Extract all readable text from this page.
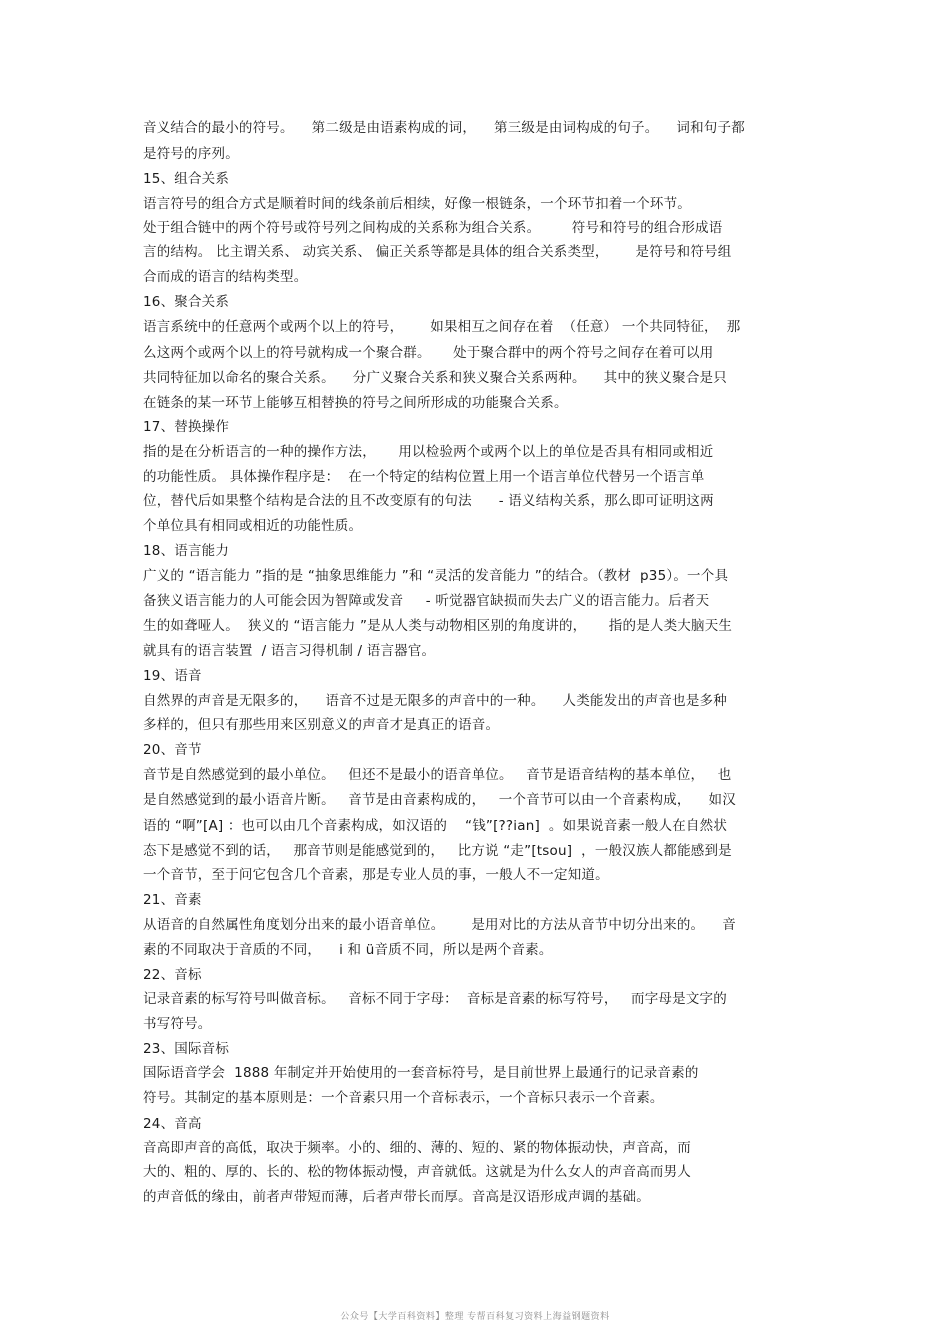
音义结合的最小的符号。    第二级是由语素构成的词，    第三级是由词构成的句子。    词和句子都
是符号的序列。
15、组合关系
语言符号的组合方式是顺着时间的线条前后相续，好像一根链条，一个环节扣着一个环节。
处于组合链中的两个符号或符号列之间构成的关系称为组合关系。       符号和符号的组合形成语
言的结构。 比主谓关系、 动宾关系、 偏正关系等都是具体的组合关系类型，      是符号和符号组
合而成的语言的结构类型。
16、聚合关系
语言系统中的任意两个或两个以上的符号，      如果相互之间存在着  （任意） 一个共同特征，  那
么这两个或两个以上的符号就构成一个聚合群。     处于聚合群中的两个符号之间存在着可以用
共同特征加以命名的聚合关系。    分广义聚合关系和狭义聚合关系两种。    其中的狭义聚合是只
在链条的某一环节上能够互相替换的符号之间所形成的功能聚合关系。
17、替换操作
指的是在分析语言的一种的操作方法，     用以检验两个或两个以上的单位是否具有相同或相近
的功能性质。 具体操作程序是：  在一个特定的结构位置上用一个语言单位代替另一个语言单
位，替代后如果整个结构是合法的且不改变原有的句法      - 语义结构关系，那么即可证明这两
个单位具有相同或相近的功能性质。
18、语言能力
广义的 “语言能力 ”指的是 “抽象思维能力 ”和 “灵活的发音能力 ”的结合。（教材  p35）。一个具
备狭义语言能力的人可能会因为智障或发音     - 听觉器官缺损而失去广义的语言能力。后者天
生的如聋哑人。  狭义的 “语言能力 ”是从人类与动物相区别的角度讲的，     指的是人类大脑天生
就具有的语言装置  / 语言习得机制 / 语言器官。
19、语音
自然界的声音是无限多的，    语音不过是无限多的声音中的一种。    人类能发出的声音也是多种
多样的，但只有那些用来区别意义的声音才是真正的语音。
20、音节
音节是自然感觉到的最小单位。   但还不是最小的语音单位。   音节是语音结构的基本单位，   也
是自然感觉到的最小语音片断。   音节是由音素构成的，   一个音节可以由一个音素构成，    如汉
语的 “啊”[A] ：也可以由几个音素构成，如汉语的    “钱”[??ian]  。如果说音素一般人在自然状
态下是感觉不到的话，   那音节则是能感觉到的，   比方说 “走”[tsou]  ，一般汉族人都能感到是
一个音节，至于问它包含几个音素，那是专业人员的事，一般人不一定知道。
21、音素
从语音的自然属性角度划分出来的最小语音单位。      是用对比的方法从音节中切分出来的。    音
素的不同取决于音质的不同，    i 和 ü音质不同，所以是两个音素。
22、音标
记录音素的标写符号叫做音标。   音标不同于字母：  音标是音素的标写符号，   而字母是文字的
书写符号。
23、国际音标
国际语音学会  1888 年制定并开始使用的一套音标符号，是目前世界上最通行的记录音素的
符号。其制定的基本原则是：一个音素只用一个音标表示，一个音标只表示一个音素。
24、音高
音高即声音的高低，取决于频率。小的、细的、薄的、短的、紧的物体振动快，声音高，而
大的、粗的、厚的、长的、松的物体振动慢，声音就低。这就是为什么女人的声音高而男人
的声音低的缘由，前者声带短而薄，后者声带长而厚。音高是汉语形成声调的基础。
公众号【大学百科资料】整理 专帮百科复习资料上海益钢题资料
